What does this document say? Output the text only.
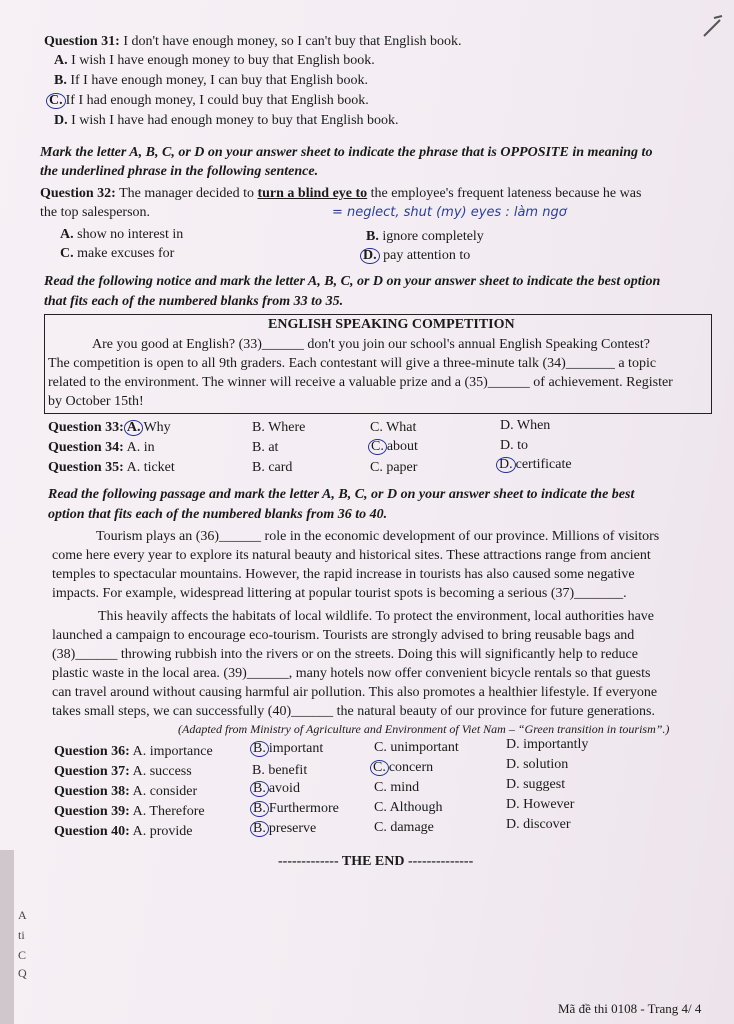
Question 31: I don't have enough money, so I can't buy that English book.
A. I wish I have enough money to buy that English book.
B. If I have enough money, I can buy that English book.
C. If I had enough money, I could buy that English book.
D. I wish I have had enough money to buy that English book.
Mark the letter A, B, C, or D on your answer sheet to indicate the phrase that is OPPOSITE in meaning to
the underlined phrase in the following sentence.
Question 32: The manager decided to turn a blind eye to the employee's frequent lateness because he was
the top salesperson.	= neglect, shut (my) eyes : làm ngơ
A. show no interest in	B. ignore completely
C. make excuses for	D. pay attention to
Read the following notice and mark the letter A, B, C, or D on your answer sheet to indicate the best option
that fits each of the numbered blanks from 33 to 35.
ENGLISH SPEAKING COMPETITION
Are you good at English? (33)______ don't you join our school's annual English Speaking Contest?
The competition is open to all 9th graders. Each contestant will give a three-minute talk (34)_______ a topic
related to the environment. The winner will receive a valuable prize and a (35)______ of achievement. Register
by October 15th!
Question 33: A. Why	B. Where	C. What	D. When
Question 34: A. in	B. at	C. about	D. to
Question 35: A. ticket	B. card	C. paper	D. certificate
Read the following passage and mark the letter A, B, C, or D on your answer sheet to indicate the best
option that fits each of the numbered blanks from 36 to 40.
Tourism plays an (36)______ role in the economic development of our province. Millions of visitors
come here every year to explore its natural beauty and historical sites. These attractions range from ancient
temples to spectacular mountains. However, the rapid increase in tourists has also caused some negative
impacts. For example, widespread littering at popular tourist spots is becoming a serious (37)_______.
This heavily affects the habitats of local wildlife. To protect the environment, local authorities have
launched a campaign to encourage eco-tourism. Tourists are strongly advised to bring reusable bags and
(38)______ throwing rubbish into the rivers or on the streets. Doing this will significantly help to reduce
plastic waste in the local area. (39)______, many hotels now offer convenient bicycle rentals so that guests
can travel around without causing harmful air pollution. This also promotes a healthier lifestyle. If everyone
takes small steps, we can successfully (40)______ the natural beauty of our province for future generations.
(Adapted from Ministry of Agriculture and Environment of Viet Nam – “Green transition in tourism”.)
Question 36: A. importance	B. important	C. unimportant	D. importantly
Question 37: A. success	B. benefit	C. concern	D. solution
Question 38: A. consider	B. avoid	C. mind	D. suggest
Question 39: A. Therefore	B. Furthermore	C. Although	D. However
Question 40: A. provide	B. preserve	C. damage	D. discover
------------- THE END --------------
Mã đề thi 0108 - Trang 4/ 4
A
ti
C
Q
